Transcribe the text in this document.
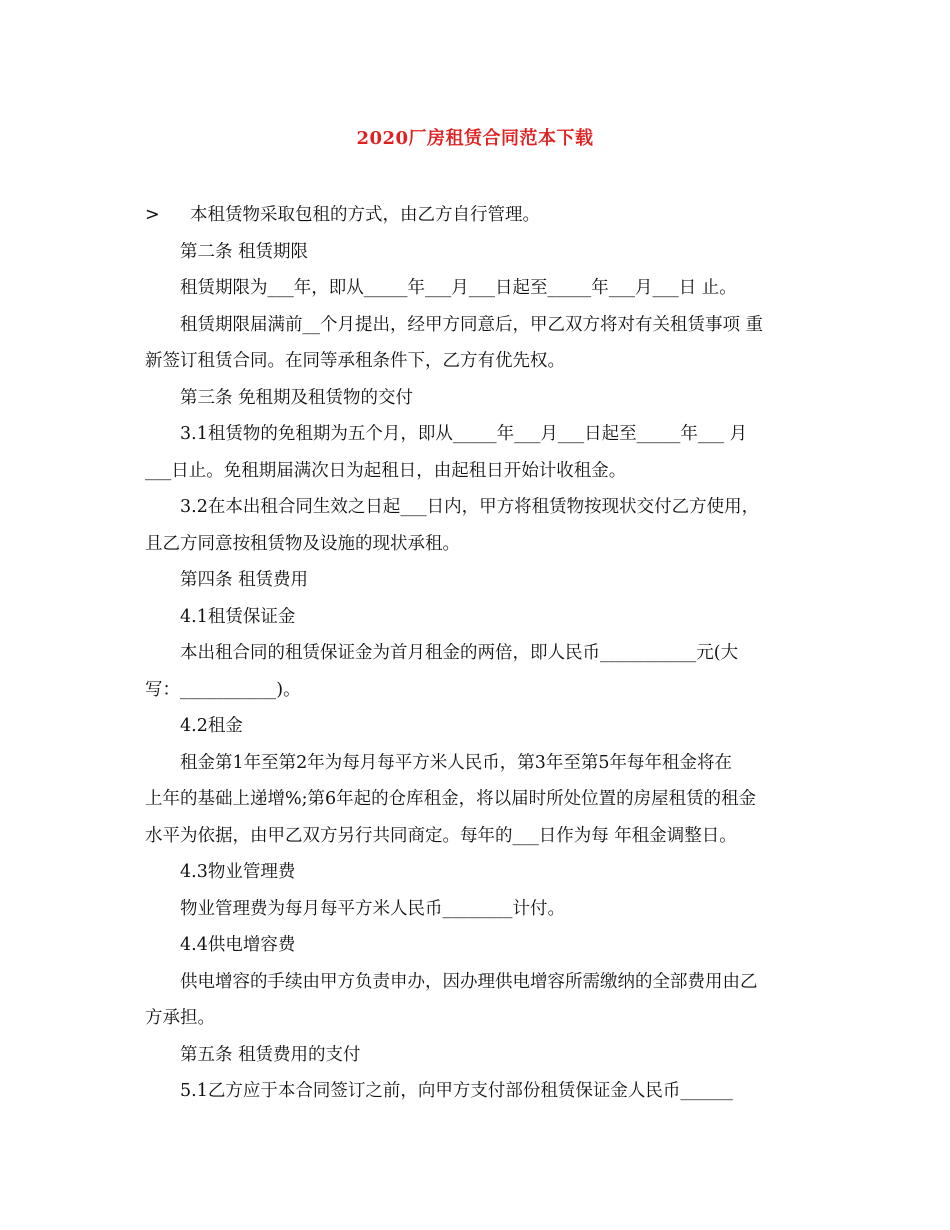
2020厂房租赁合同范本下载
> 本租赁物采取包租的方式，由乙方自行管理。
第二条 租赁期限
租赁期限为___年，即从_____年___月___日起至_____年___月___日 止。
租赁期限届满前__个月提出，经甲方同意后，甲乙双方将对有关租赁事项 重
新签订租赁合同。在同等承租条件下，乙方有优先权。
第三条 免租期及租赁物的交付
3.1租赁物的免租期为五个月，即从_____年___月___日起至_____年___ 月
___日止。免租期届满次日为起租日，由起租日开始计收租金。
3.2在本出租合同生效之日起___日内，甲方将租赁物按现状交付乙方使用，
且乙方同意按租赁物及设施的现状承租。
第四条 租赁费用
4.1租赁保证金
本出租合同的租赁保证金为首月租金的两倍，即人民币___________元(大
写：___________)。
4.2租金
租金第1年至第2年为每月每平方米人民币，第3年至第5年每年租金将在
上年的基础上递增%;第6年起的仓库租金，将以届时所处位置的房屋租赁的租金
水平为依据，由甲乙双方另行共同商定。每年的___日作为每 年租金调整日。
4.3物业管理费
物业管理费为每月每平方米人民币________计付。
4.4供电增容费
供电增容的手续由甲方负责申办，因办理供电增容所需缴纳的全部费用由乙
方承担。
第五条 租赁费用的支付
5.1乙方应于本合同签订之前，向甲方支付部份租赁保证金人民币______
